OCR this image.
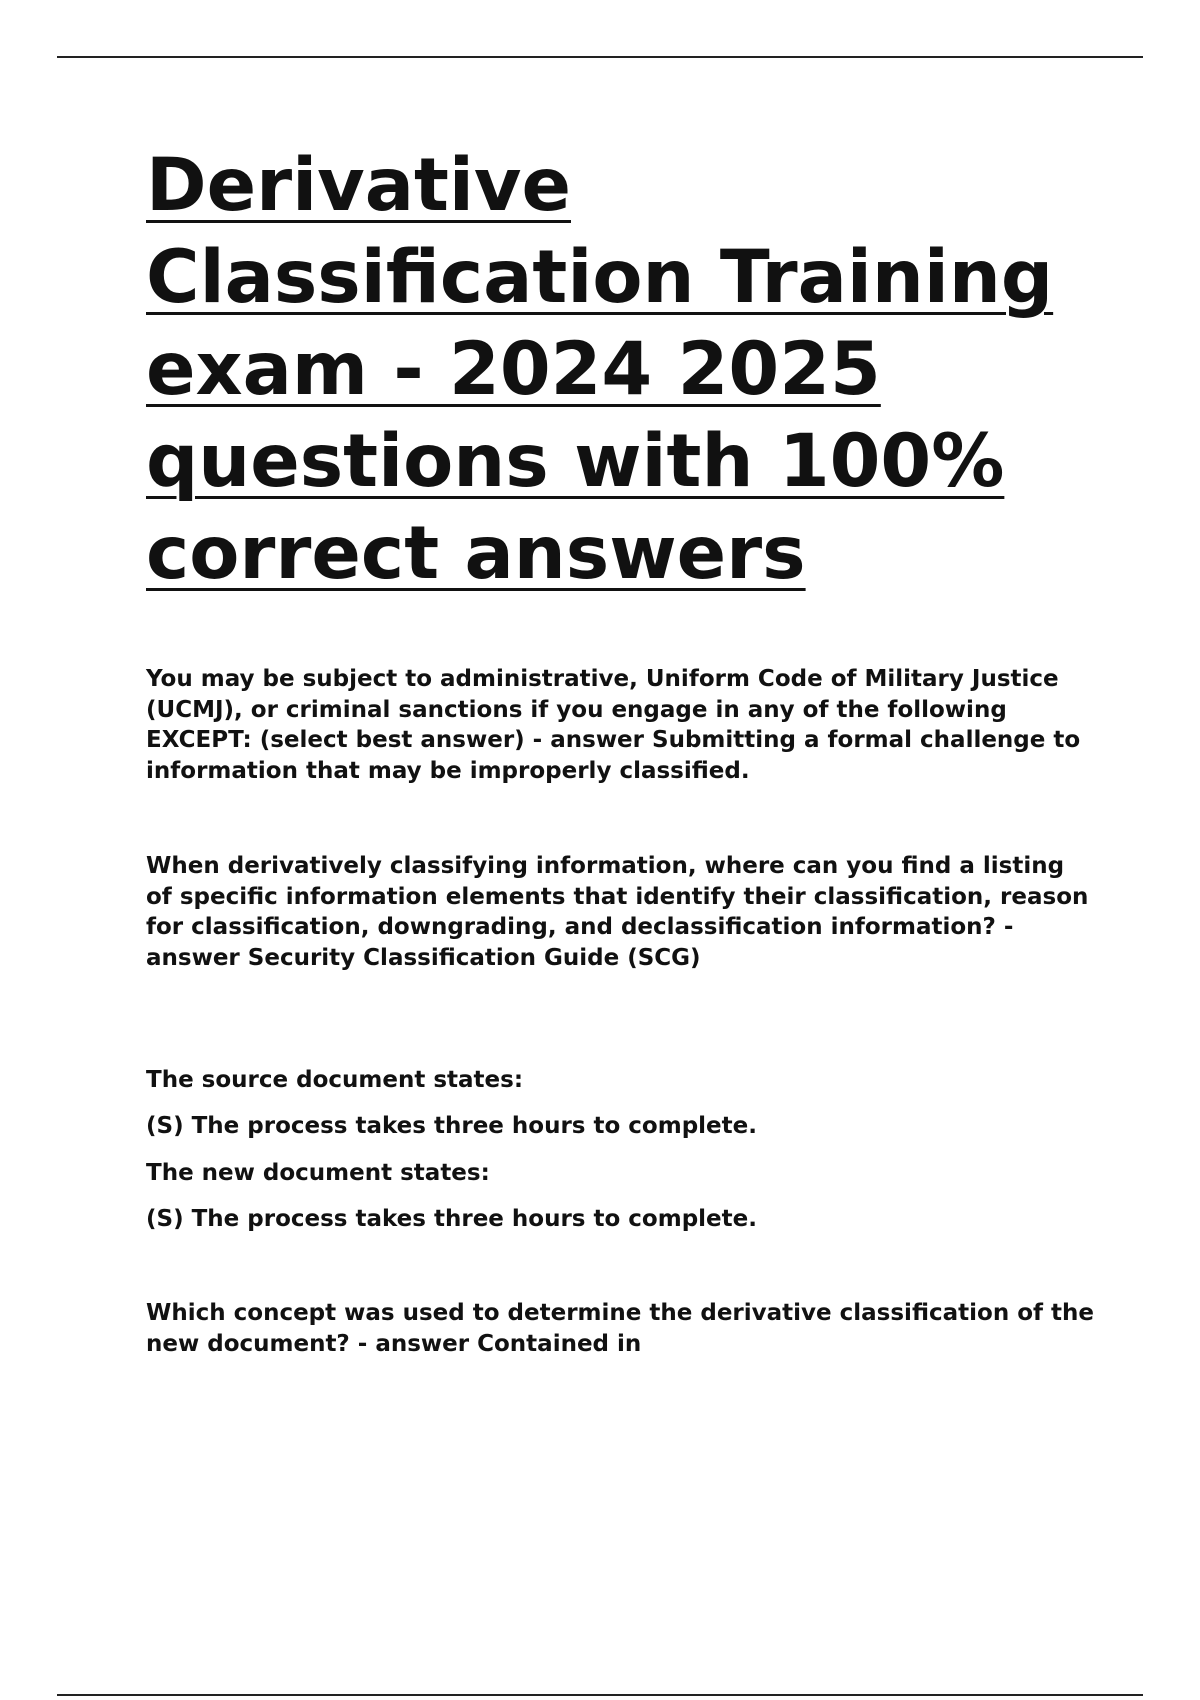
Derivative Classification Training exam - 2024 2025 questions with 100% correct answers

You may be subject to administrative, Uniform Code of Military Justice (UCMJ), or criminal sanctions if you engage in any of the following EXCEPT: (select best answer) - answer Submitting a formal challenge to information that may be improperly classified.

When derivatively classifying information, where can you find a listing of specific information elements that identify their classification, reason for classification, downgrading, and declassification information? - answer Security Classification Guide (SCG)

The source document states:

(S) The process takes three hours to complete.

The new document states:

(S) The process takes three hours to complete.

Which concept was used to determine the derivative classification of the new document? - answer Contained in
